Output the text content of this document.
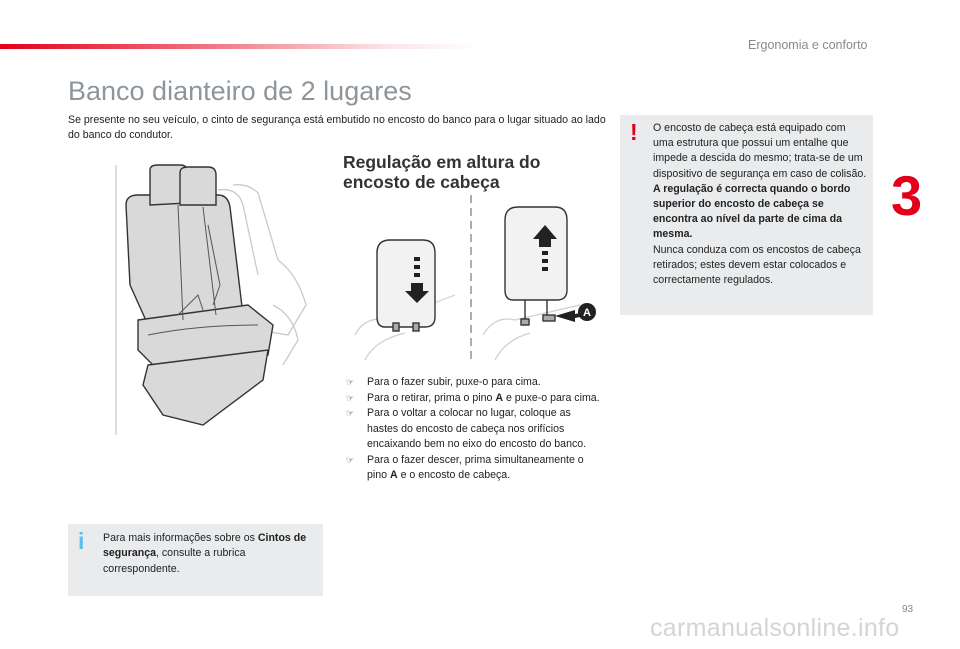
Ergonomia e conforto
Banco dianteiro de 2 lugares
Se presente no seu veículo, o cinto de segurança está embutido no encosto do banco para o lugar situado ao lado do banco do condutor.
Regulação em altura do encosto de cabeça
A
☞ Para o fazer subir, puxe-o para cima.
☞ Para o retirar, prima o pino A e puxe-o para cima.
☞ Para o voltar a colocar no lugar, coloque as hastes do encosto de cabeça nos orifícios encaixando bem no eixo do encosto do banco.
☞ Para o fazer descer, prima simultaneamente o pino A e o encosto de cabeça.
! O encosto de cabeça está equipado com uma estrutura que possui um entalhe que impede a descida do mesmo; trata-se de um dispositivo de segurança em caso de colisão.
A regulação é correcta quando o bordo superior do encosto de cabeça se encontra ao nível da parte de cima da mesma.
Nunca conduza com os encostos de cabeça retirados; estes devem estar colocados e correctamente regulados.
3
i Para mais informações sobre os Cintos de segurança, consulte a rubrica correspondente.
93
carmanualsonline.info
